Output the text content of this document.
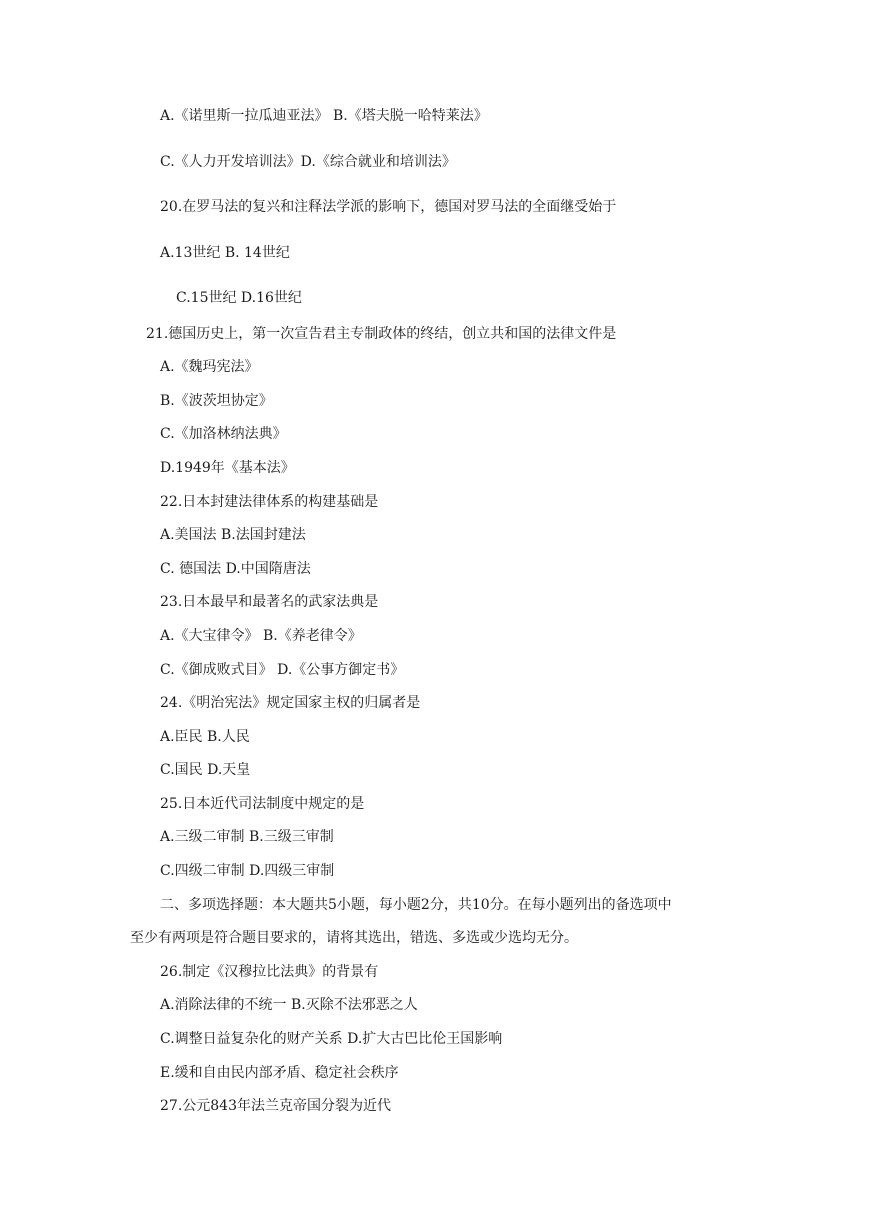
A.《诺里斯一拉瓜迪亚法》 B.《塔夫脱一哈特莱法》
C.《人力开发培训法》D.《综合就业和培训法》
20.在罗马法的复兴和注释法学派的影响下，德国对罗马法的全面继受始于
A.13世纪 B. 14世纪
C.15世纪 D.16世纪
21.德国历史上，第一次宣告君主专制政体的终结，创立共和国的法律文件是
A.《魏玛宪法》
B.《波茨坦协定》
C.《加洛林纳法典》
D.1949年《基本法》
22.日本封建法律体系的构建基础是
A.美国法 B.法国封建法
C. 德国法 D.中国隋唐法
23.日本最早和最著名的武家法典是
A.《大宝律令》 B.《养老律令》
C.《御成败式目》 D.《公事方御定书》
24.《明治宪法》规定国家主权的归属者是
A.臣民 B.人民
C.国民 D.天皇
25.日本近代司法制度中规定的是
A.三级二审制 B.三级三审制
C.四级二审制 D.四级三审制
二、多项选择题：本大题共5小题，每小题2分，共10分。在每小题列出的备选项中
至少有两项是符合题目要求的，请将其选出，错选、多选或少选均无分。
26.制定《汉穆拉比法典》的背景有
A.消除法律的不统一 B.灭除不法邪恶之人
C.调整日益复杂化的财产关系 D.扩大古巴比伦王国影响
E.缓和自由民内部矛盾、稳定社会秩序
27.公元843年法兰克帝国分裂为近代
